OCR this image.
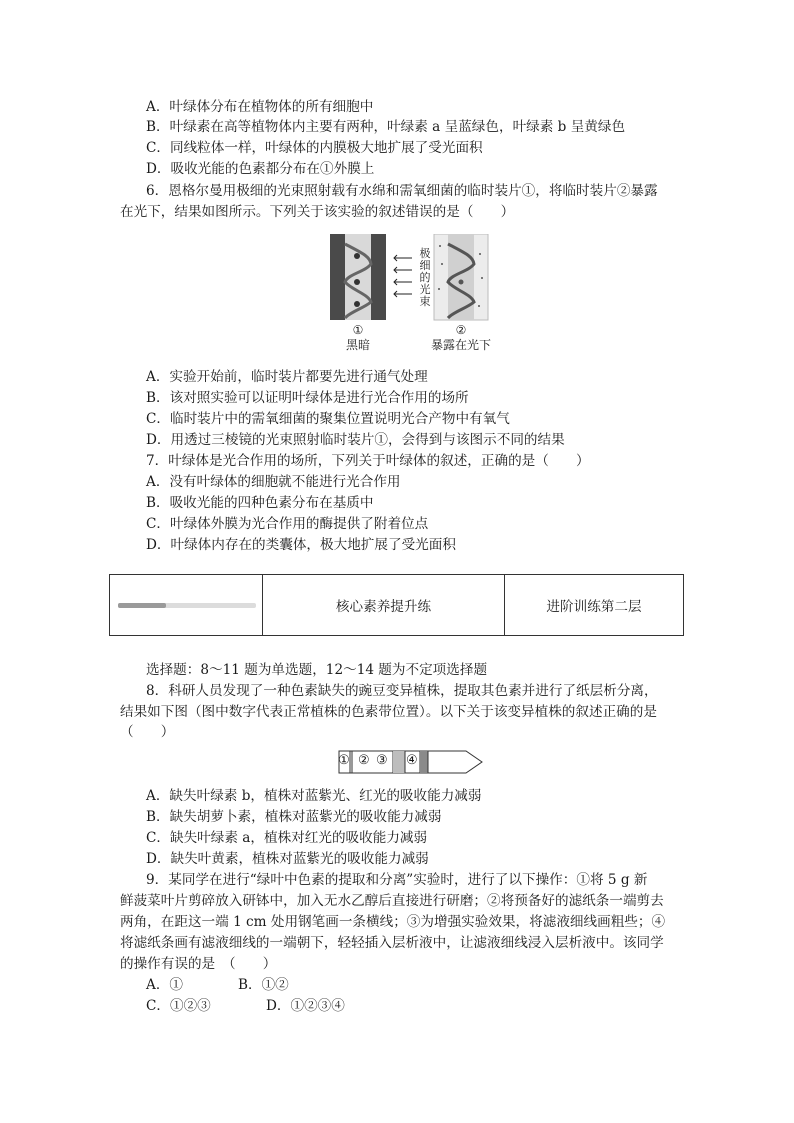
A．叶绿体分布在植物体的所有细胞中
B．叶绿素在高等植物体内主要有两种，叶绿素 a 呈蓝绿色，叶绿素 b 呈黄绿色
C．同线粒体一样，叶绿体的内膜极大地扩展了受光面积
D．吸收光能的色素都分布在①外膜上
6．恩格尔曼用极细的光束照射载有水绵和需氧细菌的临时装片①，将临时装片②暴露
在光下，结果如图所示。下列关于该实验的叙述错误的是（　　）
极
细
的
光
束
①
黑暗
②
暴露在光下
A．实验开始前，临时装片都要先进行通气处理
B．该对照实验可以证明叶绿体是进行光合作用的场所
C．临时装片中的需氧细菌的聚集位置说明光合产物中有氧气
D．用透过三棱镜的光束照射临时装片①，会得到与该图示不同的结果
7．叶绿体是光合作用的场所，下列关于叶绿体的叙述，正确的是（　　）
A．没有叶绿体的细胞就不能进行光合作用
B．吸收光能的四种色素分布在基质中
C．叶绿体外膜为光合作用的酶提供了附着位点
D．叶绿体内存在的类囊体，极大地扩展了受光面积
核心素养提升练	进阶训练第二层
选择题：8～11 题为单选题，12～14 题为不定项选择题
8．科研人员发现了一种色素缺失的豌豆变异植株，提取其色素并进行了纸层析分离，
结果如下图（图中数字代表正常植株的色素带位置）。以下关于该变异植株的叙述正确的是
（　　）
① ② ③ ④
A．缺失叶绿素 b，植株对蓝紫光、红光的吸收能力减弱
B．缺失胡萝卜素，植株对蓝紫光的吸收能力减弱
C．缺失叶绿素 a，植株对红光的吸收能力减弱
D．缺失叶黄素，植株对蓝紫光的吸收能力减弱
9．某同学在进行“绿叶中色素的提取和分离”实验时，进行了以下操作：①将 5 g 新
鲜菠菜叶片剪碎放入研钵中，加入无水乙醇后直接进行研磨；②将预备好的滤纸条一端剪去
两角，在距这一端 1 cm 处用钢笔画一条横线；③为增强实验效果，将滤液细线画粗些；④
将滤纸条画有滤液细线的一端朝下，轻轻插入层析液中，让滤液细线浸入层析液中。该同学
的操作有误的是　（　　）
A．①	B．①②
C．①②③	D．①②③④
